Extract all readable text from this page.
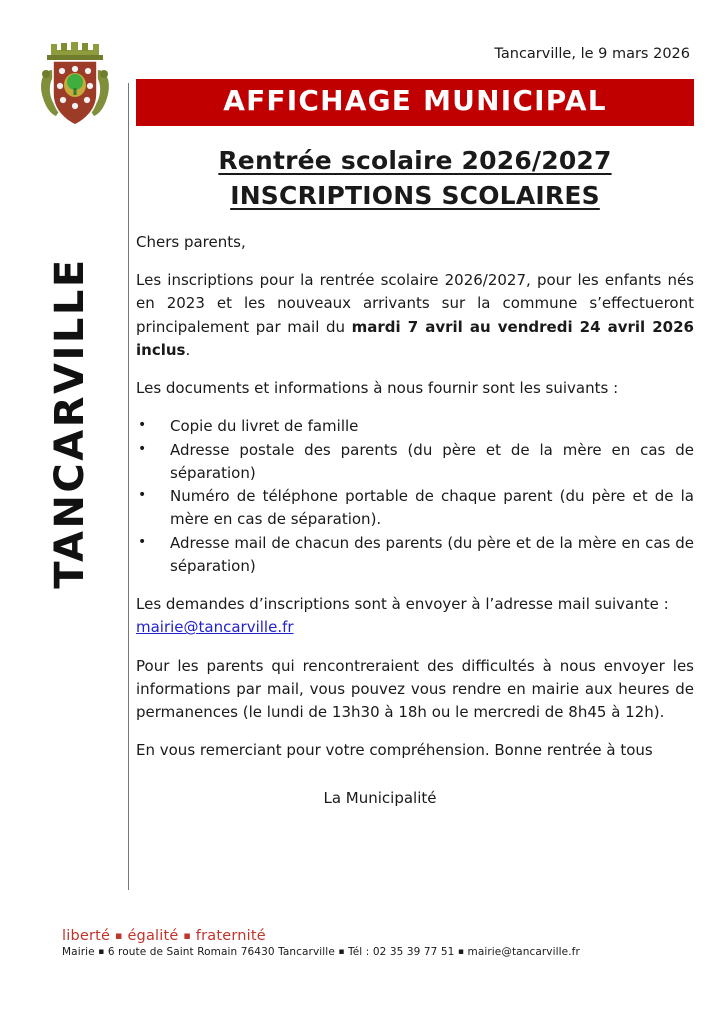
TANCARVILLE
Tancarville, le 9 mars 2026
AFFICHAGE MUNICIPAL
Rentrée scolaire 2026/2027
INSCRIPTIONS SCOLAIRES

Chers parents,

Les inscriptions pour la rentrée scolaire 2026/2027, pour les enfants nés en 2023 et les nouveaux arrivants sur la commune s’effectueront principalement par mail du mardi 7 avril au vendredi 24 avril 2026 inclus.

Les documents et informations à nous fournir sont les suivants :

• Copie du livret de famille
• Adresse postale des parents (du père et de la mère en cas de séparation)
• Numéro de téléphone portable de chaque parent (du père et de la mère en cas de séparation).
• Adresse mail de chacun des parents (du père et de la mère en cas de séparation)

Les demandes d’inscriptions sont à envoyer à l’adresse mail suivante :
mairie@tancarville.fr

Pour les parents qui rencontreraient des difficultés à nous envoyer les informations par mail, vous pouvez vous rendre en mairie aux heures de permanences (le lundi de 13h30 à 18h ou le mercredi de 8h45 à 12h).

En vous remerciant pour votre compréhension. Bonne rentrée à tous

La Municipalité
liberté ▪ égalité ▪ fraternité
Mairie ▪ 6 route de Saint Romain 76430 Tancarville ▪ Tél : 02 35 39 77 51 ▪ mairie@tancarville.fr
